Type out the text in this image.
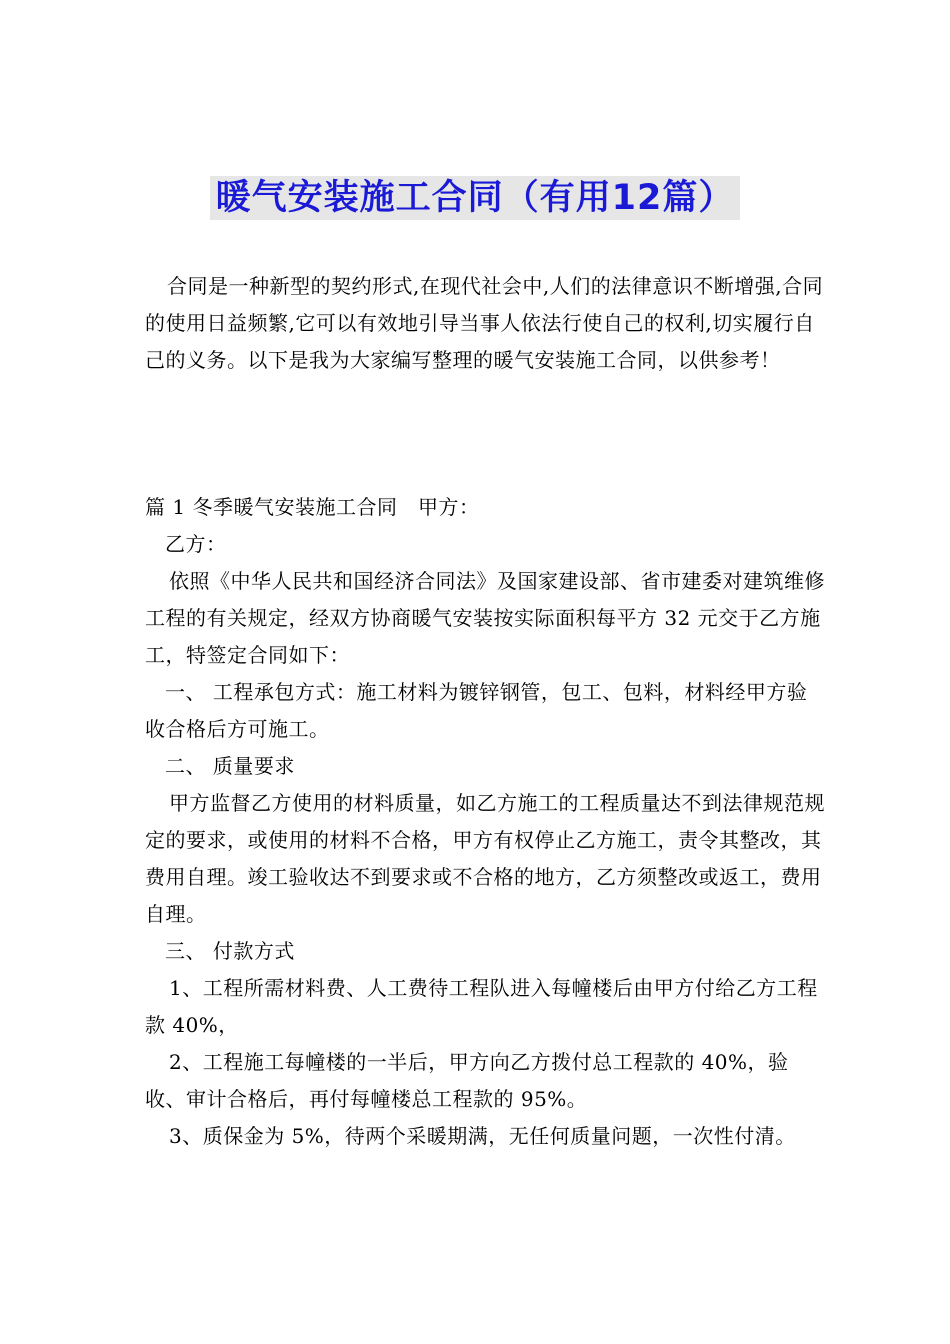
暖气安装施工合同（有用12篇）

合同是一种新型的契约形式,在现代社会中,人们的法律意识不断增强,合同的使用日益频繁,它可以有效地引导当事人依法行使自己的权利,切实履行自己的义务。以下是我为大家编写整理的暖气安装施工合同，以供参考！

篇 1 冬季暖气安装施工合同　甲方：

乙方：

依照《中华人民共和国经济合同法》及国家建设部、省市建委对建筑维修工程的有关规定，经双方协商暖气安装按实际面积每平方 32 元交于乙方施工，特签定合同如下：

一、 工程承包方式：施工材料为镀锌钢管，包工、包料，材料经甲方验收合格后方可施工。

二、 质量要求

甲方监督乙方使用的材料质量，如乙方施工的工程质量达不到法律规范规定的要求，或使用的材料不合格，甲方有权停止乙方施工，责令其整改，其费用自理。竣工验收达不到要求或不合格的地方，乙方须整改或返工，费用自理。

三、 付款方式

1、工程所需材料费、人工费待工程队进入每幢楼后由甲方付给乙方工程款 40%，

2、工程施工每幢楼的一半后，甲方向乙方拨付总工程款的 40%，验收、审计合格后，再付每幢楼总工程款的 95%。

3、质保金为 5%，待两个采暖期满，无任何质量问题，一次性付清。
